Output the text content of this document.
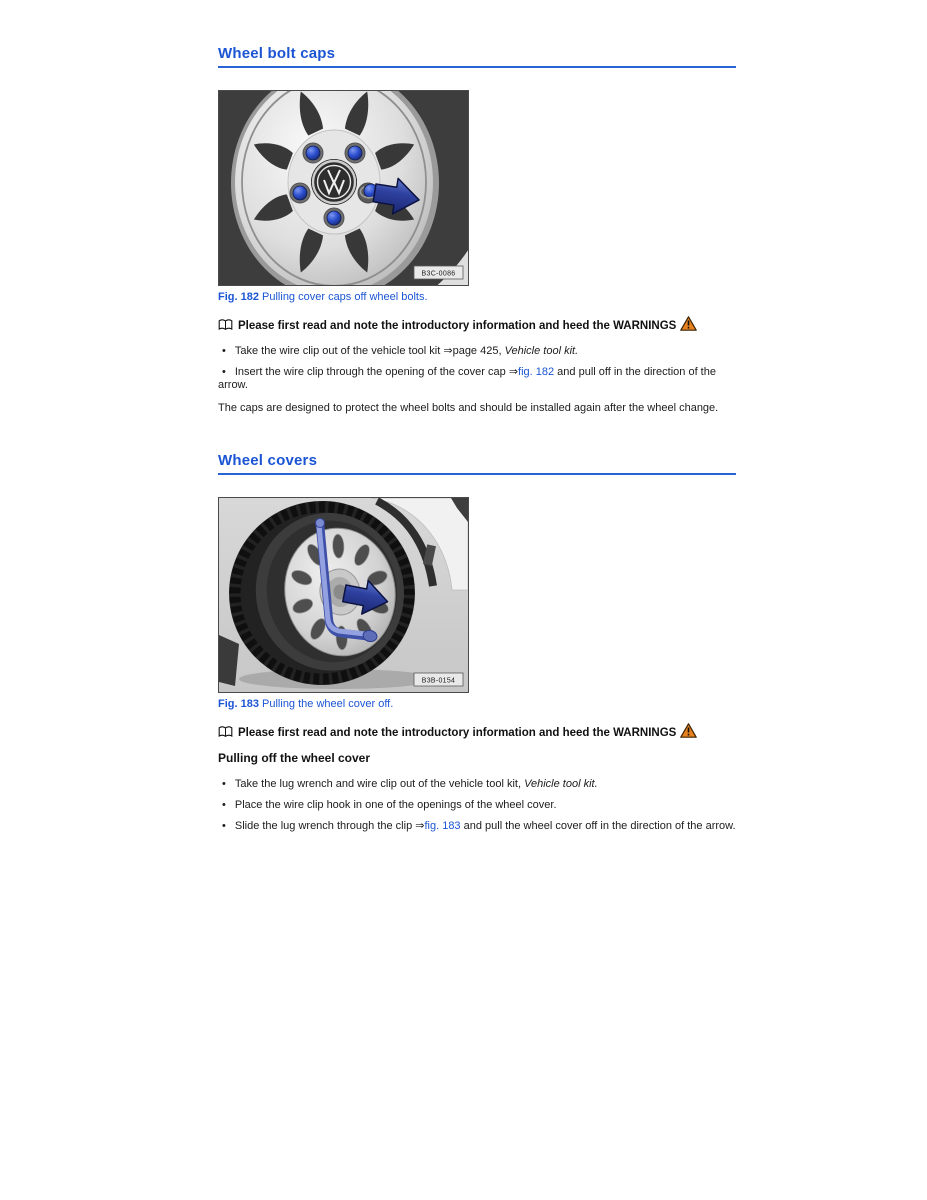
Wheel bolt caps
B3C-0086
Fig. 182 Pulling cover caps off wheel bolts.
Please first read and note the introductory information and heed the WARNINGS
• Take the wire clip out of the vehicle tool kit ⇒page 425, Vehicle tool kit.
• Insert the wire clip through the opening of the cover cap ⇒fig. 182 and pull off in the direction of the arrow.

The caps are designed to protect the wheel bolts and should be installed again after the wheel change.

Wheel covers
B3B-0154
Fig. 183 Pulling the wheel cover off.
Please first read and note the introductory information and heed the WARNINGS
Pulling off the wheel cover
• Take the lug wrench and wire clip out of the vehicle tool kit, Vehicle tool kit.
• Place the wire clip hook in one of the openings of the wheel cover.
• Slide the lug wrench through the clip ⇒fig. 183 and pull the wheel cover off in the direction of the arrow.
